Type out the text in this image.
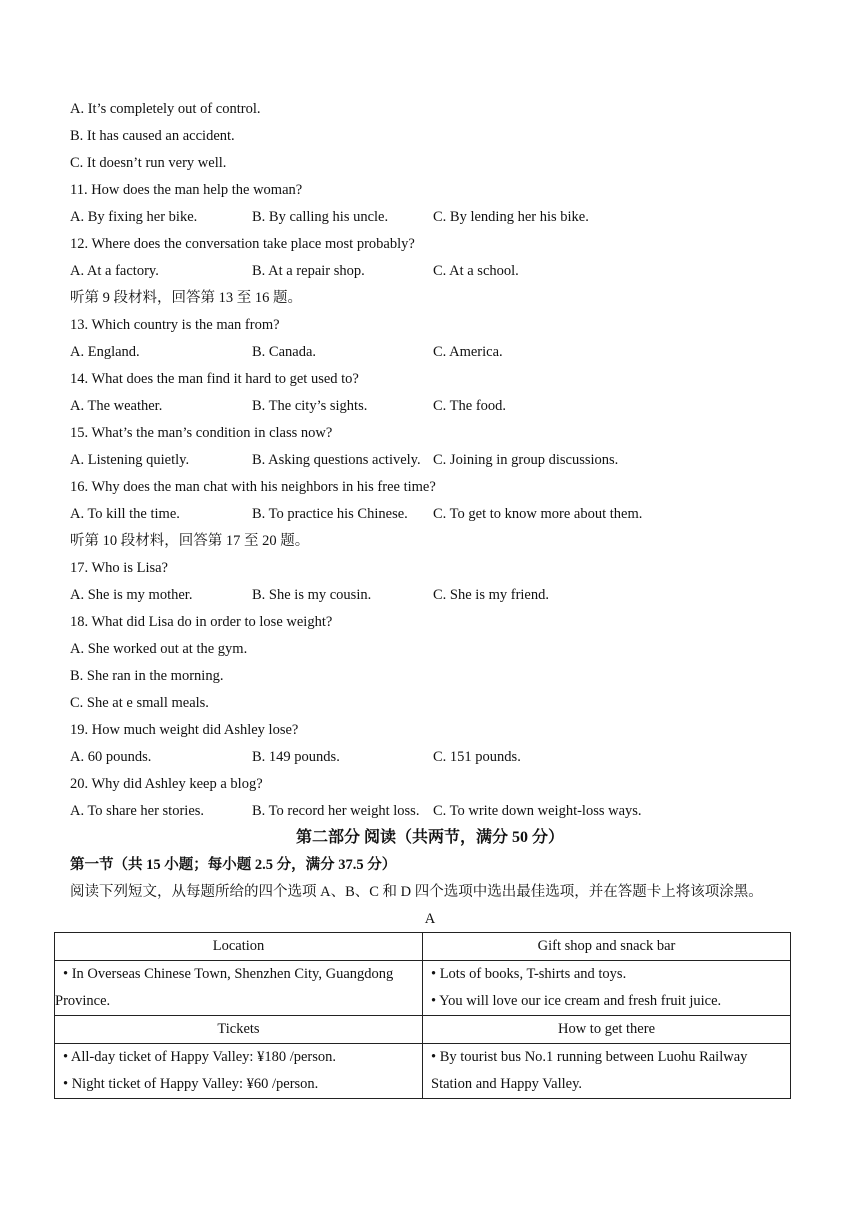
A. It’s completely out of control.
B. It has caused an accident.
C. It doesn’t run very well.
11. How does the man help the woman?
A. By fixing her bike.	B. By calling his uncle.	C. By lending her his bike.
12. Where does the conversation take place most probably?
A. At a factory.	B. At a repair shop.	C. At a school.
听第 9 段材料，回答第 13 至 16 题。
13. Which country is the man from?
A. England.	B. Canada.	C. America.
14. What does the man find it hard to get used to?
A. The weather.	B. The city’s sights.	C. The food.
15. What’s the man’s condition in class now?
A. Listening quietly.	B. Asking questions actively. C. Joining in group discussions.
16. Why does the man chat with his neighbors in his free time?
A. To kill the time.	B. To practice his Chinese. C. To get to know more about them.
听第 10 段材料，回答第 17 至 20 题。
17. Who is Lisa?
A. She is my mother.	B. She is my cousin.	C. She is my friend.
18. What did Lisa do in order to lose weight?
A. She worked out at the gym.
B. She ran in the morning.
C. She at e small meals.
19. How much weight did Ashley lose?
A. 60 pounds.	B. 149 pounds.	C. 151 pounds.
20. Why did Ashley keep a blog?
A. To share her stories.	B. To record her weight loss. C. To write down weight-loss ways.
第二部分 阅读（共两节，满分 50 分）
第一节（共 15 小题；每小题 2.5 分，满分 37.5 分）
阅读下列短文，从每题所给的四个选项 A、B、C 和 D 四个选项中选出最佳选项，并在答题卡上将该项涂黑。
A
Location	Gift shop and snack bar

• In Overseas Chinese Town, Shenzhen City, Guangdong
Province.	• Lots of books, T-shirts and toys.
• You will love our ice cream and fresh fruit juice.

Tickets	How to get there

• All-day ticket of Happy Valley: ¥180 /person.
• Night ticket of Happy Valley: ¥60 /person.	• By tourist bus No.1 running between Luohu Railway
Station and Happy Valley.
